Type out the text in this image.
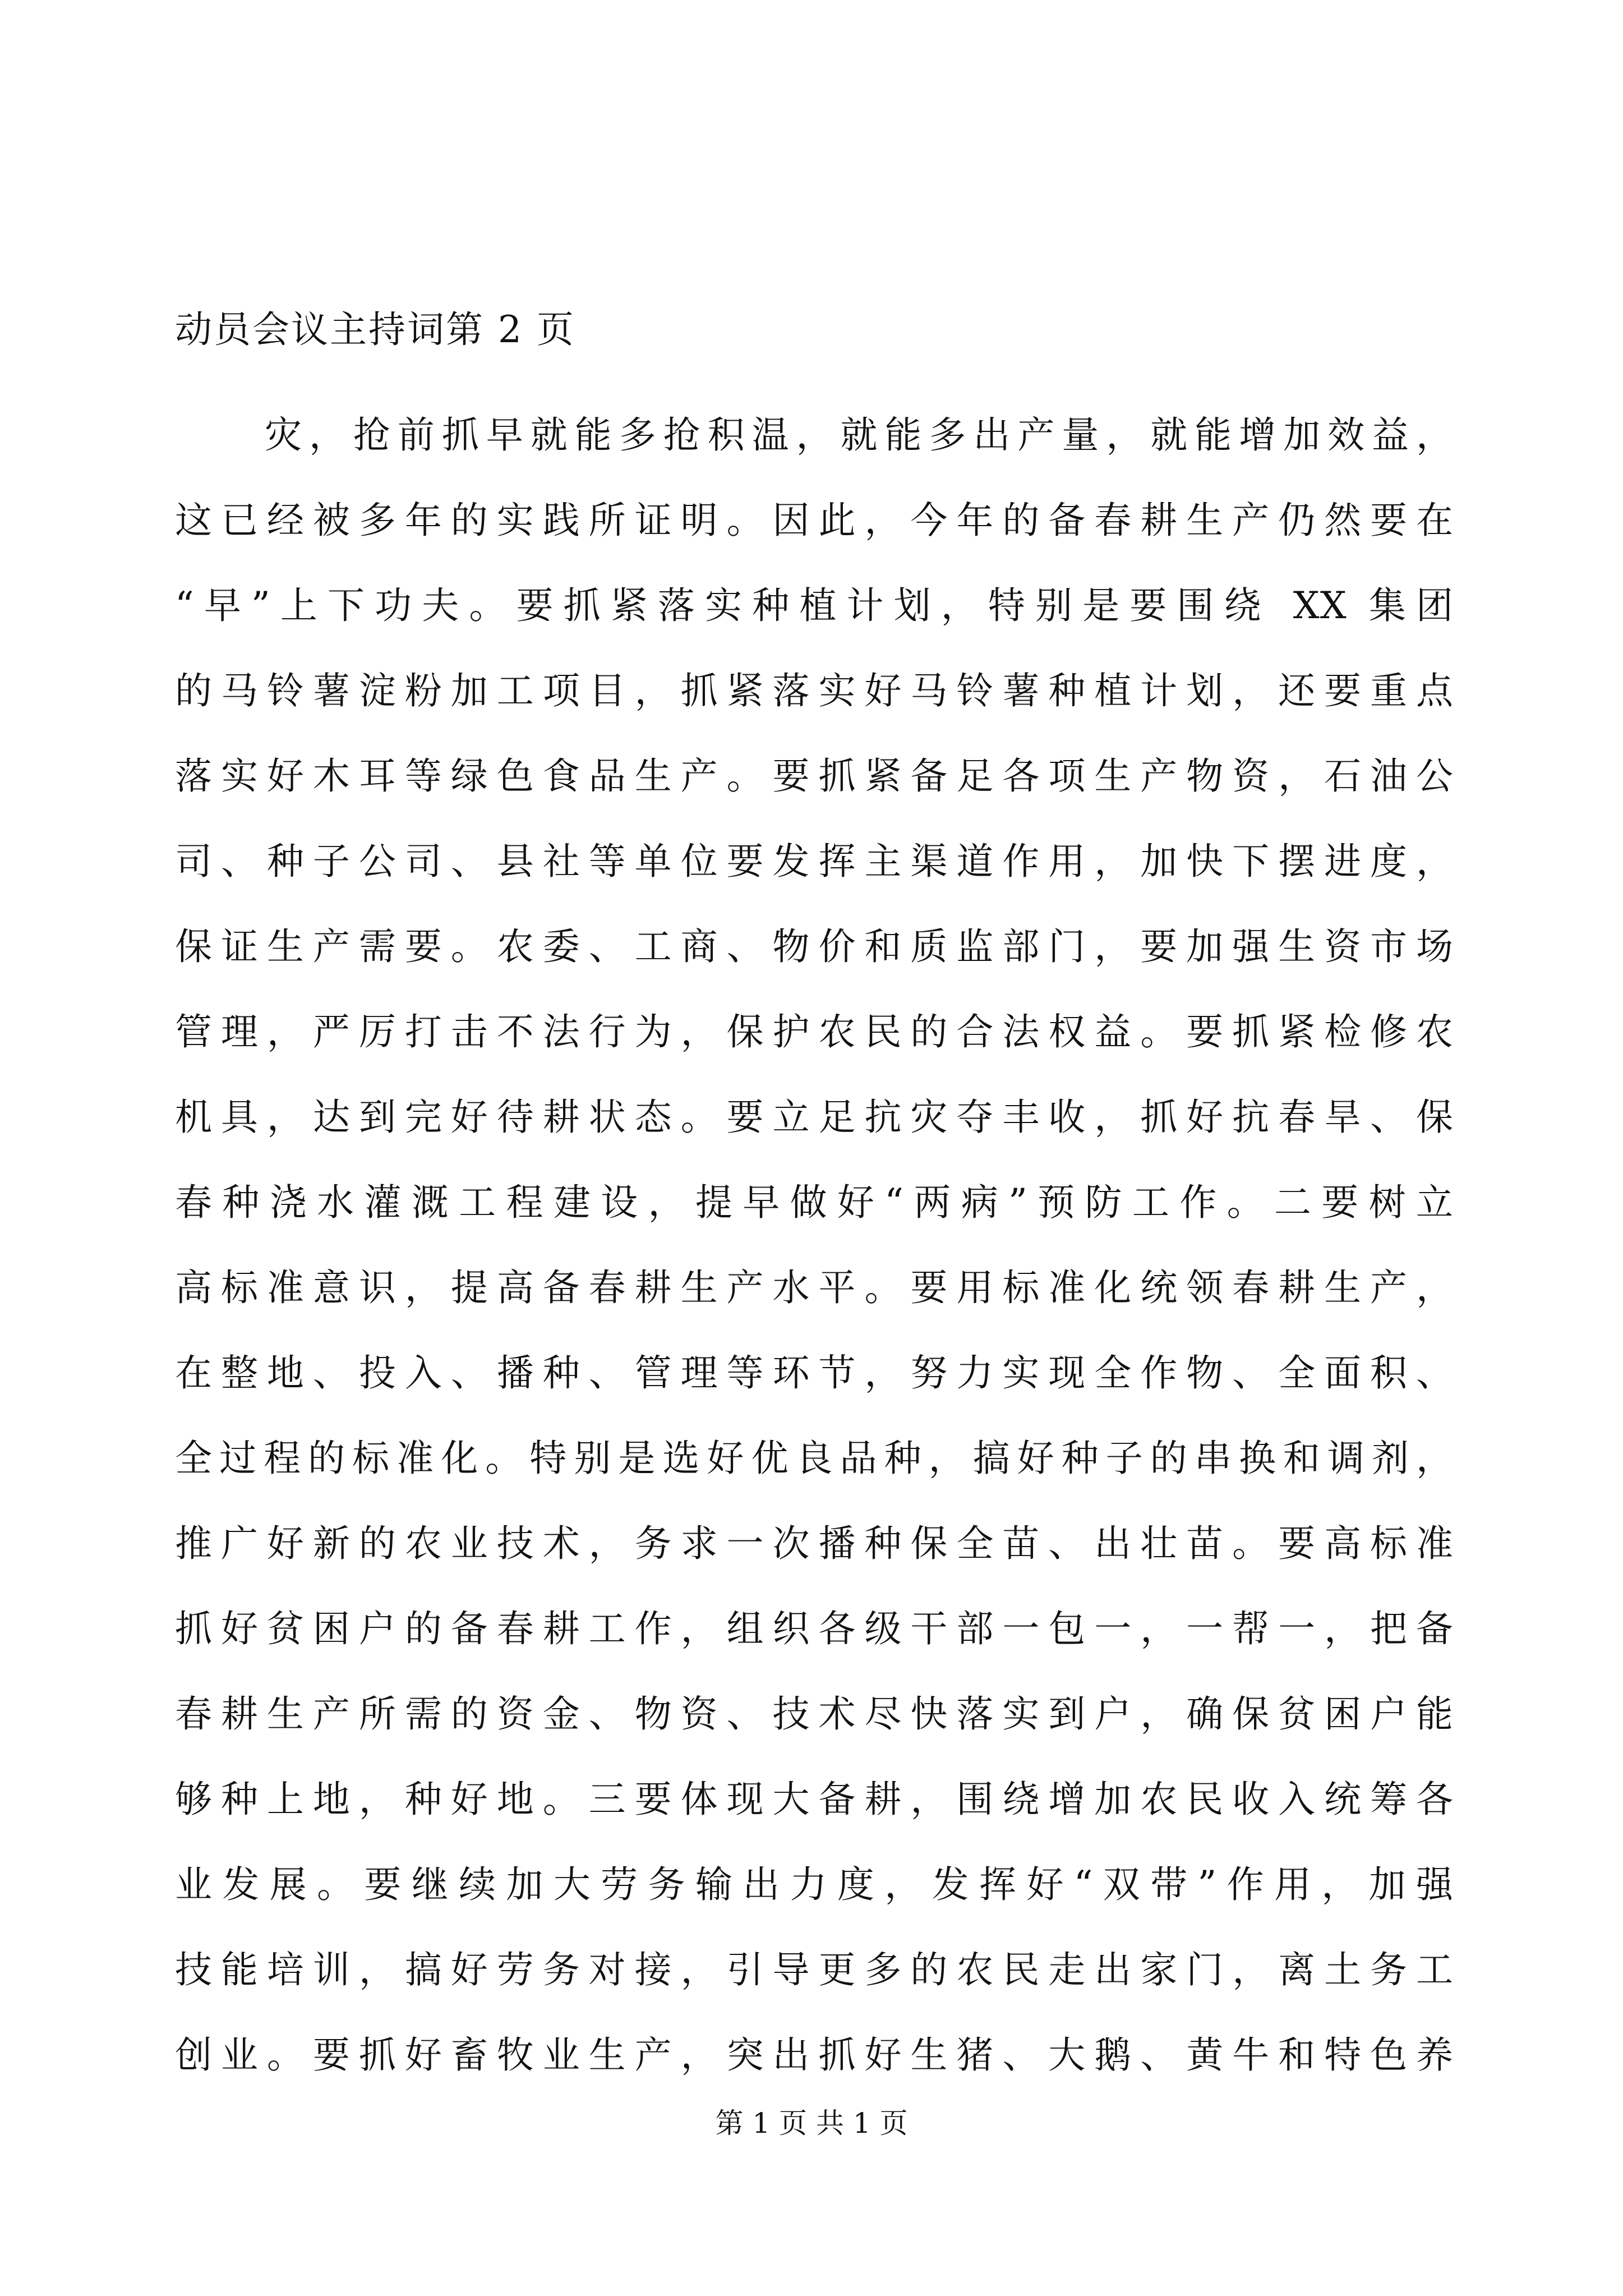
动员会议主持词第 2 页
灾，抢前抓早就能多抢积温，就能多出产量，就能增加效益，
这已经被多年的实践所证明。因此，今年的备春耕生产仍然要在
“早”上下功夫。要抓紧落实种植计划，特别是要围绕 XX 集团
的马铃薯淀粉加工项目，抓紧落实好马铃薯种植计划，还要重点
落实好木耳等绿色食品生产。要抓紧备足各项生产物资，石油公
司、种子公司、县社等单位要发挥主渠道作用，加快下摆进度，
保证生产需要。农委、工商、物价和质监部门，要加强生资市场
管理，严厉打击不法行为，保护农民的合法权益。要抓紧检修农
机具，达到完好待耕状态。要立足抗灾夺丰收，抓好抗春旱、保
春种浇水灌溉工程建设，提早做好“两病”预防工作。二要树立
高标准意识，提高备春耕生产水平。要用标准化统领春耕生产，
在整地、投入、播种、管理等环节，努力实现全作物、全面积、
全过程的标准化。特别是选好优良品种，搞好种子的串换和调剂，
推广好新的农业技术，务求一次播种保全苗、出壮苗。要高标准
抓好贫困户的备春耕工作，组织各级干部一包一，一帮一，把备
春耕生产所需的资金、物资、技术尽快落实到户，确保贫困户能
够种上地，种好地。三要体现大备耕，围绕增加农民收入统筹各
业发展。要继续加大劳务输出力度，发挥好“双带”作用，加强
技能培训，搞好劳务对接，引导更多的农民走出家门，离土务工
创业。要抓好畜牧业生产，突出抓好生猪、大鹅、黄牛和特色养
第 1 页 共 1 页
